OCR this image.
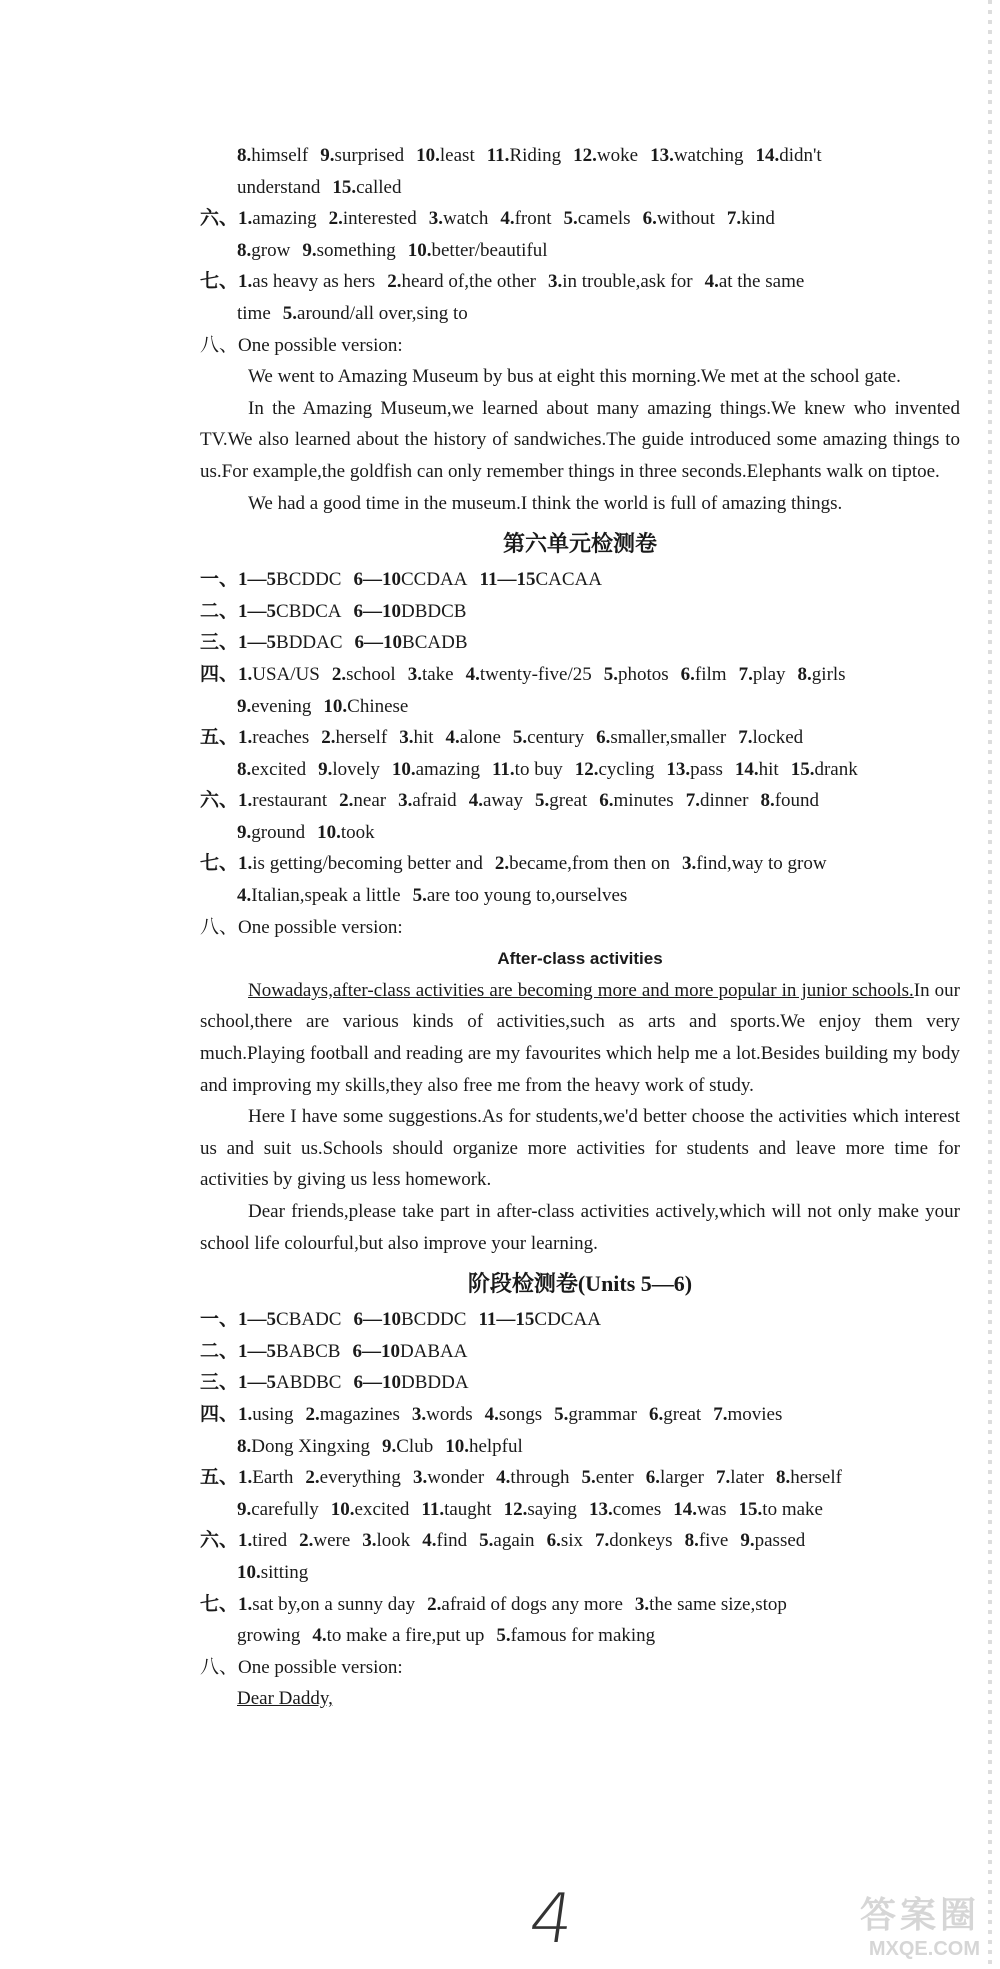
8.himself 9.surprised 10.least 11.Riding 12.woke 13.watching 14.didn't
understand 15.called
六、1.amazing 2.interested 3.watch 4.front 5.camels 6.without 7.kind
8.grow 9.something 10.better/beautiful
七、1.as heavy as hers 2.heard of,the other 3.in trouble,ask for 4.at the same
time 5.around/all over,sing to
八、One possible version:

We went to Amazing Museum by bus at eight this morning.We met at the school gate.

In the Amazing Museum,we learned about many amazing things.We knew who invented TV.We also learned about the history of sandwiches.The guide introduced some amazing things to us.For example,the goldfish can only remember things in three seconds.Elephants walk on tiptoe.

We had a good time in the museum.I think the world is full of amazing things.

第六单元检测卷
一、1—5BCDDC 6—10CCDAA 11—15CACAA
二、1—5CBDCA 6—10DBDCB
三、1—5BDDAC 6—10BCADB
四、1.USA/US 2.school 3.take 4.twenty-five/25 5.photos 6.film 7.play 8.girls
9.evening 10.Chinese
五、1.reaches 2.herself 3.hit 4.alone 5.century 6.smaller,smaller 7.locked
8.excited 9.lovely 10.amazing 11.to buy 12.cycling 13.pass 14.hit 15.drank
六、1.restaurant 2.near 3.afraid 4.away 5.great 6.minutes 7.dinner 8.found
9.ground 10.took
七、1.is getting/becoming better and 2.became,from then on 3.find,way to grow
4.Italian,speak a little 5.are too young to,ourselves
八、One possible version:
After-class activities

Nowadays,after-class activities are becoming more and more popular in junior schools.In our school,there are various kinds of activities,such as arts and sports.We enjoy them very much.Playing football and reading are my favourites which help me a lot.Besides building my body and improving my skills,they also free me from the heavy work of study.

Here I have some suggestions.As for students,we'd better choose the activities which interest us and suit us.Schools should organize more activities for students and leave more time for activities by giving us less homework.

Dear friends,please take part in after-class activities actively,which will not only make your school life colourful,but also improve your learning.

阶段检测卷(Units 5—6)
一、1—5CBADC 6—10BCDDC 11—15CDCAA
二、1—5BABCB 6—10DABAA
三、1—5ABDBC 6—10DBDDA
四、1.using 2.magazines 3.words 4.songs 5.grammar 6.great 7.movies
8.Dong Xingxing 9.Club 10.helpful
五、1.Earth 2.everything 3.wonder 4.through 5.enter 6.larger 7.later 8.herself
9.carefully 10.excited 11.taught 12.saying 13.comes 14.was 15.to make
六、1.tired 2.were 3.look 4.find 5.again 6.six 7.donkeys 8.five 9.passed
10.sitting
七、1.sat by,on a sunny day 2.afraid of dogs any more 3.the same size,stop
growing 4.to make a fire,put up 5.famous for making
八、One possible version:
Dear Daddy,
4	答案圈
MXQE.COM
